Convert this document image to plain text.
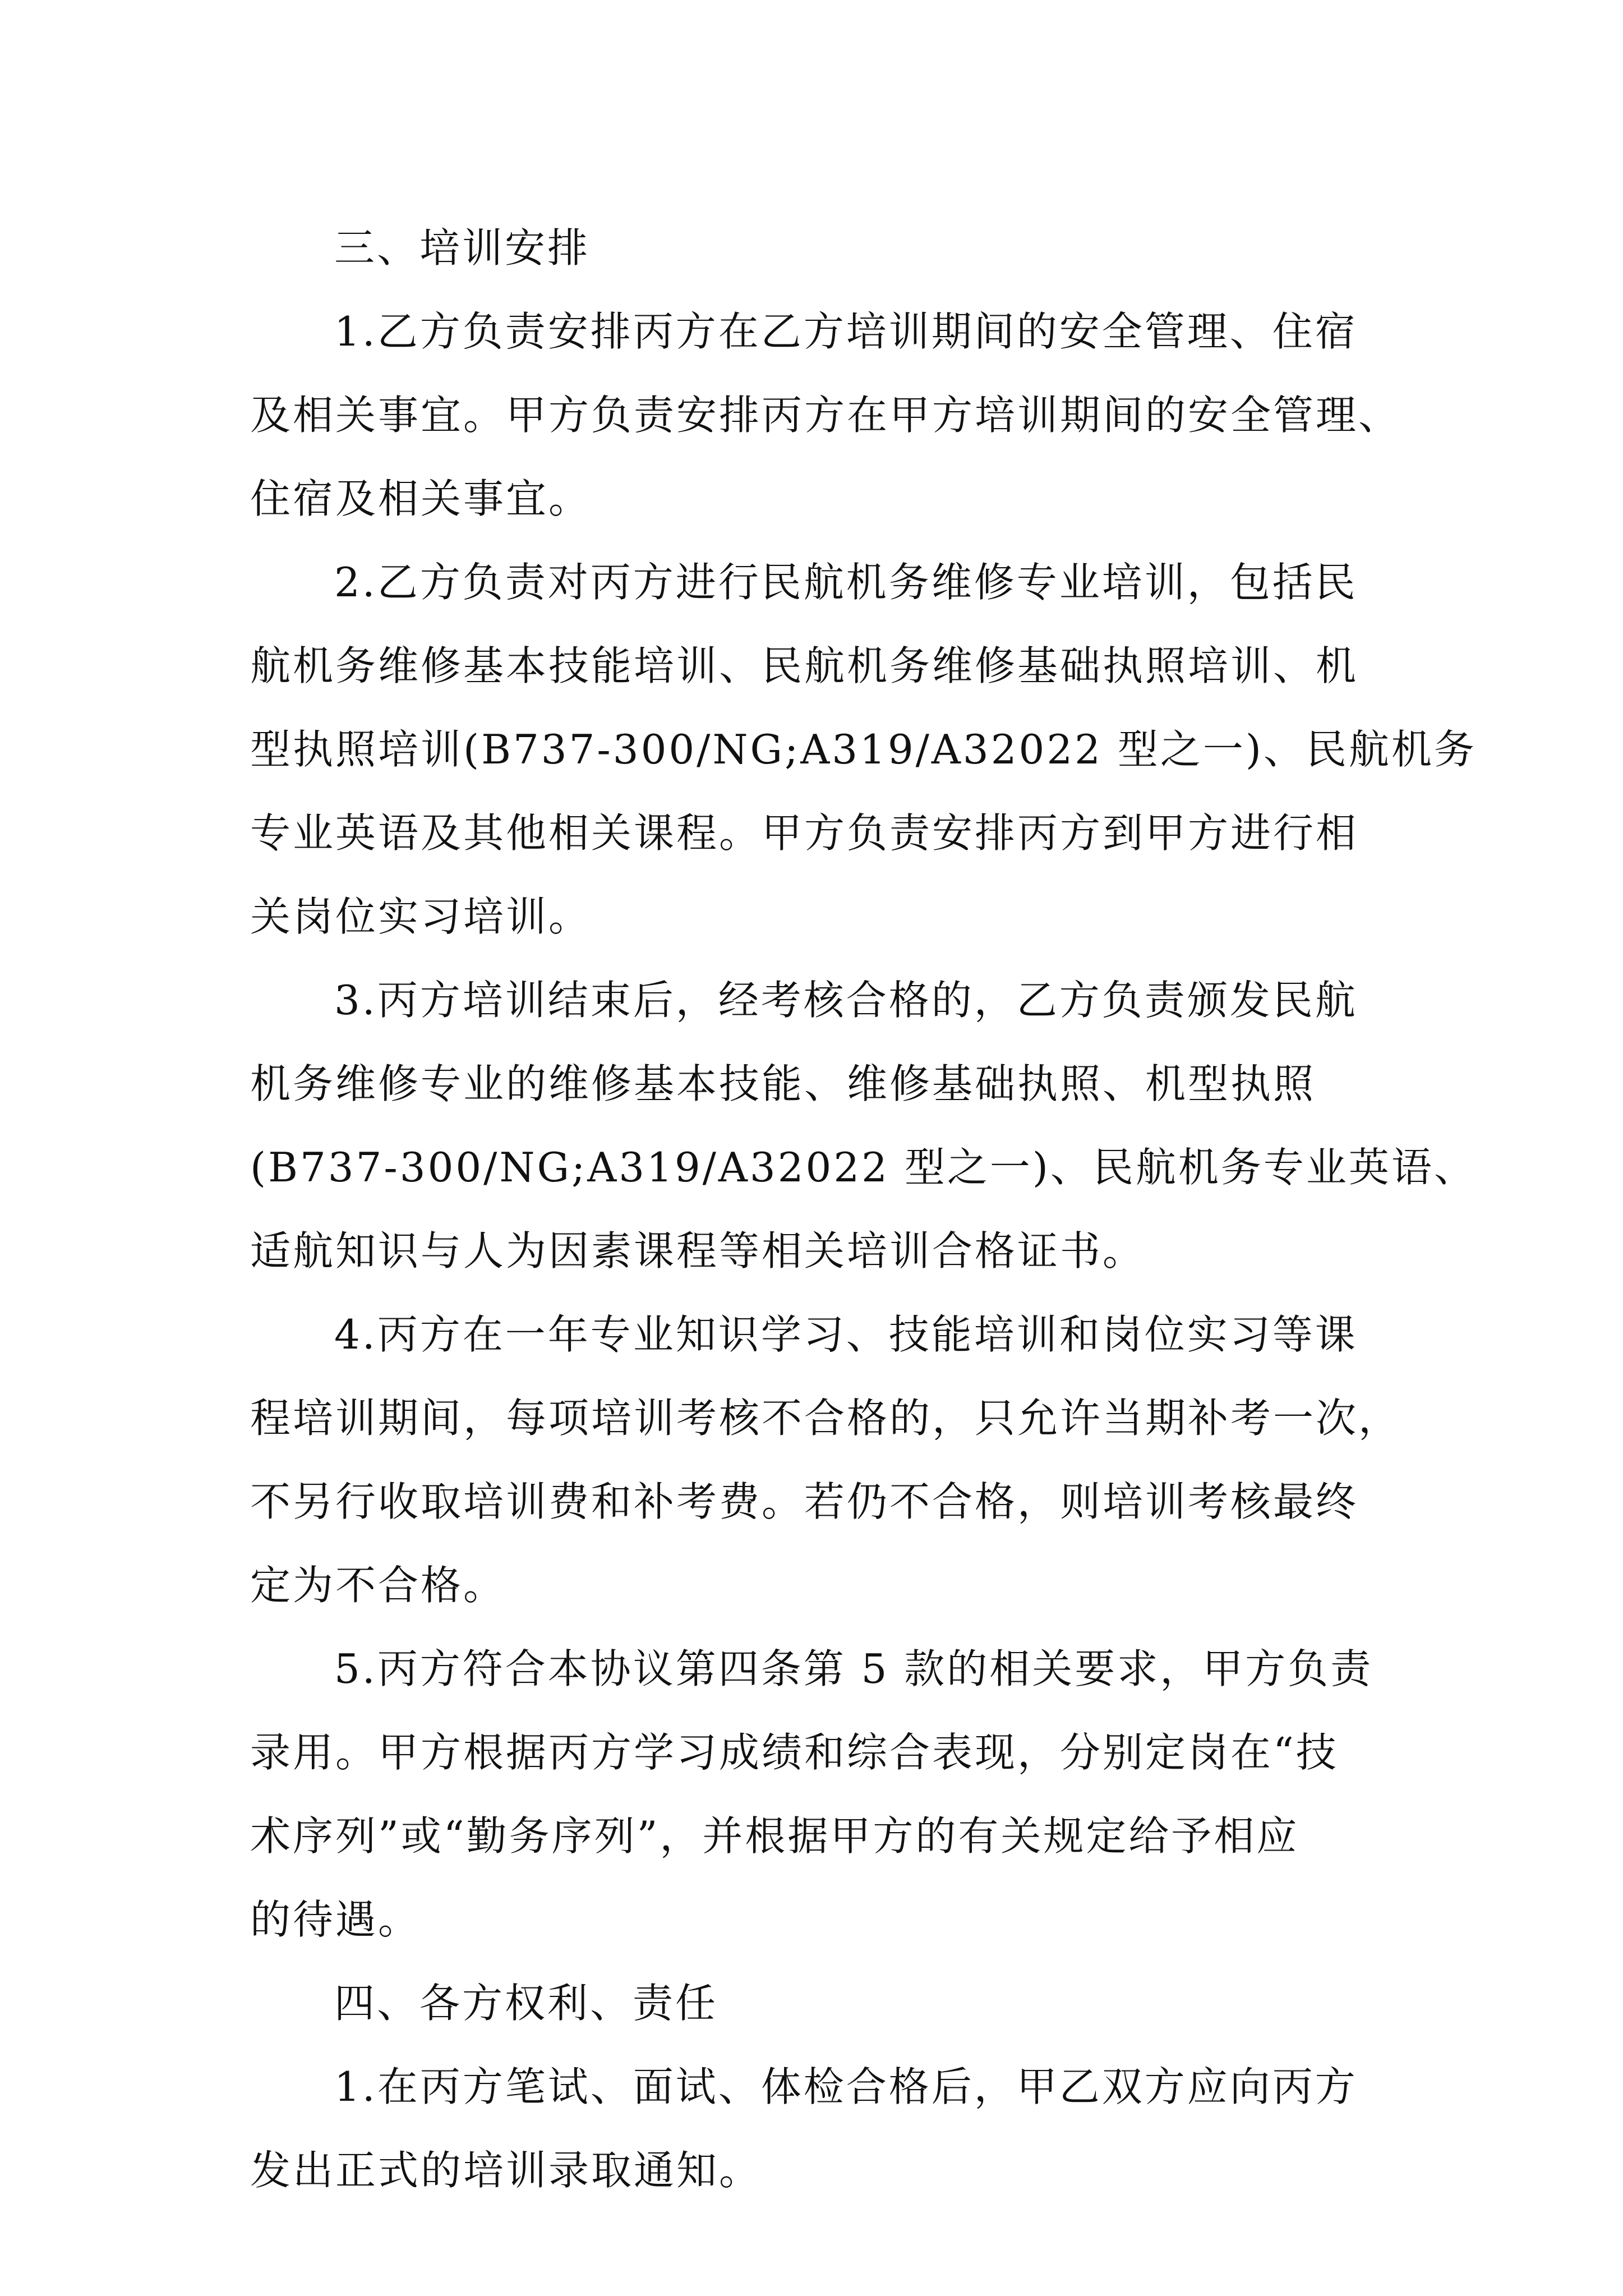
三、培训安排
1.乙方负责安排丙方在乙方培训期间的安全管理、住宿
及相关事宜。甲方负责安排丙方在甲方培训期间的安全管理、
住宿及相关事宜。
2.乙方负责对丙方进行民航机务维修专业培训，包括民
航机务维修基本技能培训、民航机务维修基础执照培训、机
型执照培训(B737-300/NG;A319/A32022 型之一)、民航机务
专业英语及其他相关课程。甲方负责安排丙方到甲方进行相
关岗位实习培训。
3.丙方培训结束后，经考核合格的，乙方负责颁发民航
机务维修专业的维修基本技能、维修基础执照、机型执照
(B737-300/NG;A319/A32022 型之一)、民航机务专业英语、
适航知识与人为因素课程等相关培训合格证书。
4.丙方在一年专业知识学习、技能培训和岗位实习等课
程培训期间，每项培训考核不合格的，只允许当期补考一次，
不另行收取培训费和补考费。若仍不合格，则培训考核最终
定为不合格。
5.丙方符合本协议第四条第 5 款的相关要求，甲方负责
录用。甲方根据丙方学习成绩和综合表现，分别定岗在“技
术序列”或“勤务序列”，并根据甲方的有关规定给予相应
的待遇。
四、各方权利、责任
1.在丙方笔试、面试、体检合格后，甲乙双方应向丙方
发出正式的培训录取通知。
